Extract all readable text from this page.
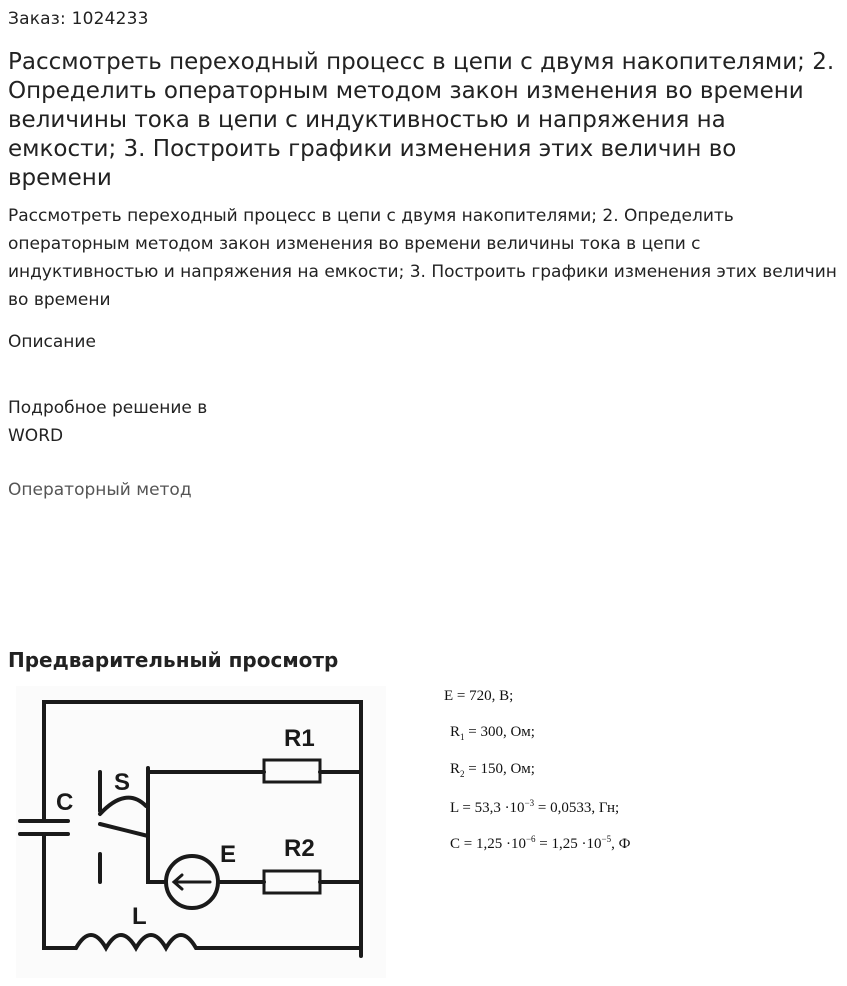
Заказ: 1024233
Рассмотреть переходный процесс в цепи с двумя накопителями; 2. Определить операторным методом закон изменения во времени величины тока в цепи с индуктивностью и напряжения на емкости; 3. Построить графики изменения этих величин во времени

Рассмотреть переходный процесс в цепи с двумя накопителями; 2. Определить операторным методом закон изменения во времени величины тока в цепи с индуктивностью и напряжения на емкости; 3. Построить графики изменения этих величин во времени

Описание
Подробное решение в
WORD
Операторный метод
Предварительный просмотр
R1
R2
C
S
E
L
E = 720, В;
$R_1 = 300$, Ом;
$R_2 = 150$, Ом;
$L = 53,3 \cdot 10^{-3} = 0,0533$, Гн;
$C = 1,25 \cdot 10^{-6} = 1,25 \cdot 10^{-5}$, Ф
